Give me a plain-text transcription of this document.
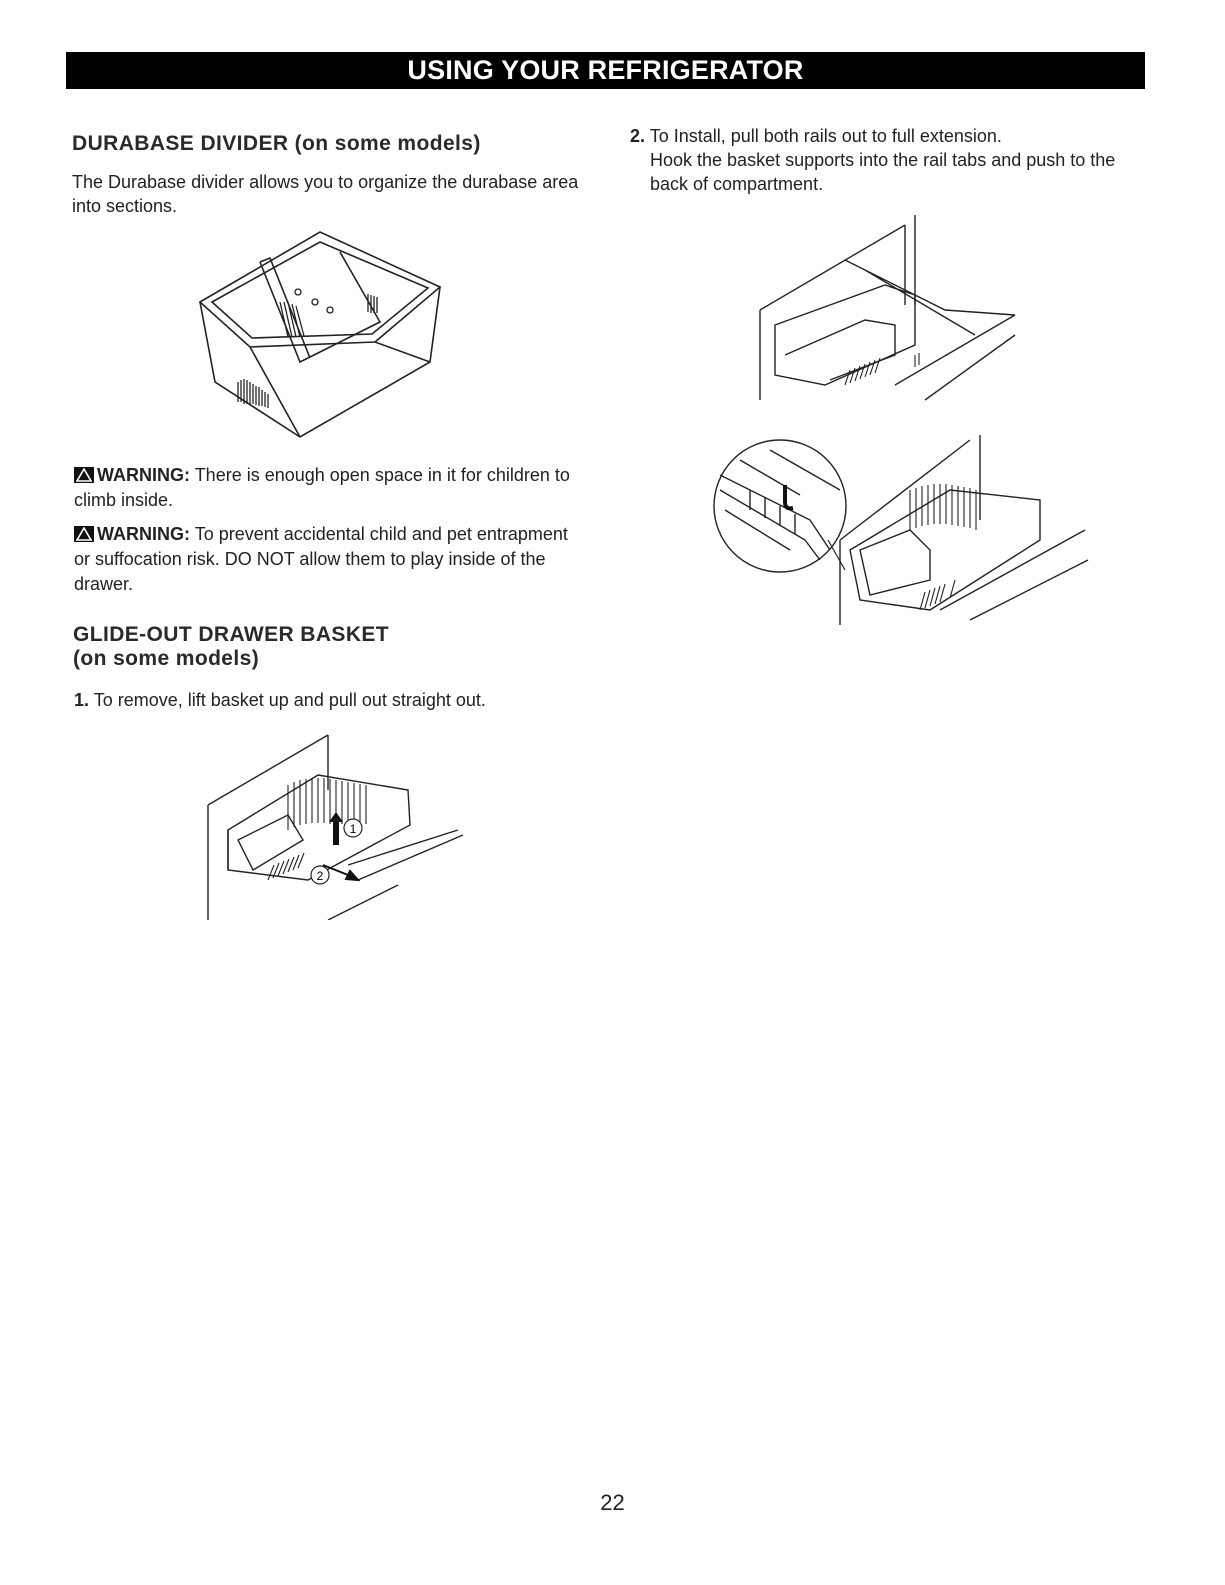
USING YOUR REFRIGERATOR
DURABASE DIVIDER (on some models)

The Durabase divider allows you to organize the durabase area into sections.

WARNING: There is enough open space in it for children to climb inside.
WARNING: To prevent accidental child and pet entrapment or suffocation risk. DO NOT allow them to play inside of the drawer.
GLIDE-OUT DRAWER BASKET
(on some models)
1. To remove, lift basket up and pull out straight out.
1
2
2. To Install, pull both rails out to full extension.
Hook the basket supports into the rail tabs and push to the back of compartment.
22
